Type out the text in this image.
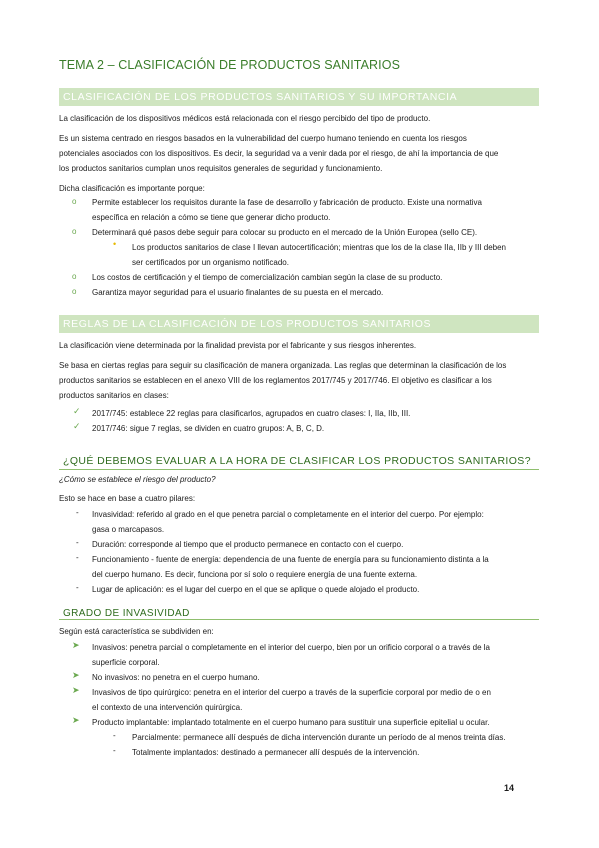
TEMA 2 – CLASIFICACIÓN DE PRODUCTOS SANITARIOS
CLASIFICACIÓN DE LOS PRODUCTOS SANITARIOS Y SU IMPORTANCIA
La clasificación de los dispositivos médicos está relacionada con el riesgo percibido del tipo de producto.
Es un sistema centrado en riesgos basados en la vulnerabilidad del cuerpo humano teniendo en cuenta los riesgos
potenciales asociados con los dispositivos. Es decir, la seguridad va a venir dada por el riesgo, de ahí la importancia de que
los productos sanitarios cumplan unos requisitos generales de seguridad y funcionamiento.
Dicha clasificación es importante porque:
o Permite establecer los requisitos durante la fase de desarrollo y fabricación de producto. Existe una normativa
específica en relación a cómo se tiene que generar dicho producto.
o Determinará qué pasos debe seguir para colocar su producto en el mercado de la Unión Europea (sello CE).
• Los productos sanitarios de clase I llevan autocertificación; mientras que los de la clase IIa, IIb y III deben
ser certificados por un organismo notificado.
o Los costos de certificación y el tiempo de comercialización cambian según la clase de su producto.
o Garantiza mayor seguridad para el usuario finalantes de su puesta en el mercado.
REGLAS DE LA CLASIFICACIÓN DE LOS PRODUCTOS SANITARIOS
La clasificación viene determinada por la finalidad prevista por el fabricante y sus riesgos inherentes.
Se basa en ciertas reglas para seguir su clasificación de manera organizada. Las reglas que determinan la clasificación de los
productos sanitarios se establecen en el anexo VIII de los reglamentos 2017/745 y 2017/746. El objetivo es clasificar a los
productos sanitarios en clases:
✓ 2017/745: establece 22 reglas para clasificarlos, agrupados en cuatro clases: I, IIa, IIb, III.
✓ 2017/746: sigue 7 reglas, se dividen en cuatro grupos: A, B, C, D.
¿QUÉ DEBEMOS EVALUAR A LA HORA DE CLASIFICAR LOS PRODUCTOS SANITARIOS?
¿Cómo se establece el riesgo del producto?
Esto se hace en base a cuatro pilares:
- Invasividad: referido al grado en el que penetra parcial o completamente en el interior del cuerpo. Por ejemplo:
gasa o marcapasos.
- Duración: corresponde al tiempo que el producto permanece en contacto con el cuerpo.
- Funcionamiento - fuente de energía: dependencia de una fuente de energía para su funcionamiento distinta a la
del cuerpo humano. Es decir, funciona por sí solo o requiere energía de una fuente externa.
- Lugar de aplicación: es el lugar del cuerpo en el que se aplique o quede alojado el producto.
GRADO DE INVASIVIDAD
Según está característica se subdividen en:
➤ Invasivos: penetra parcial o completamente en el interior del cuerpo, bien por un orificio corporal o a través de la
superficie corporal.
➤ No invasivos: no penetra en el cuerpo humano.
➤ Invasivos de tipo quirúrgico: penetra en el interior del cuerpo a través de la superficie corporal por medio de o en
el contexto de una intervención quirúrgica.
➤ Producto implantable: implantado totalmente en el cuerpo humano para sustituir una superficie epitelial u ocular.
- Parcialmente: permanece allí después de dicha intervención durante un período de al menos treinta días.
- Totalmente implantados: destinado a permanecer allí después de la intervención.
14
